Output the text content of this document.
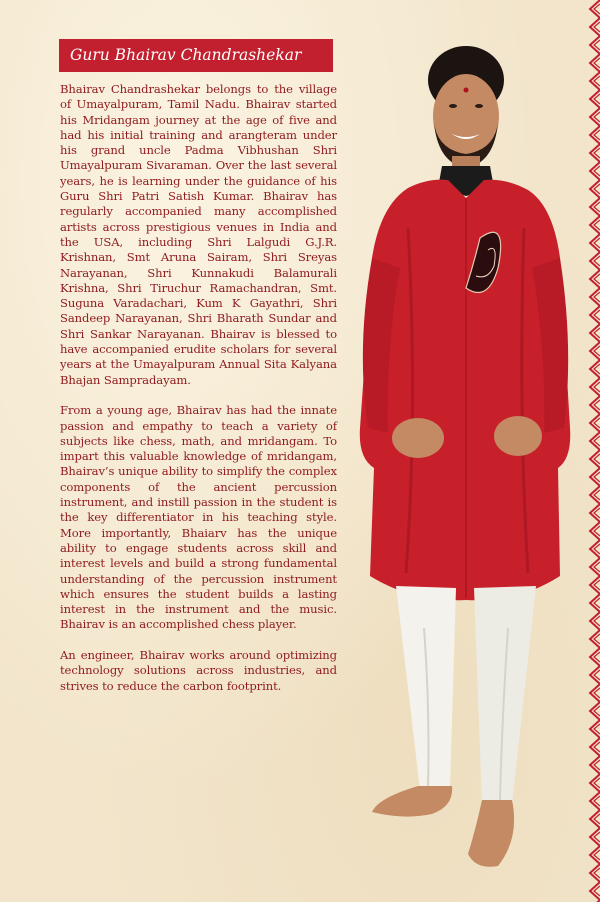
Guru Bhairav Chandrashekar

Bhairav Chandrashekar belongs to the village of Umayalpuram, Tamil Nadu. Bhairav started his Mridangam journey at the age of five and had his initial training and arangteram under his grand uncle Padma Vibhushan Shri Umayalpuram Sivaraman. Over the last several years, he is learning under the guidance of his Guru Shri Patri Satish Kumar. Bhairav has regularly accompanied many accomplished artists across prestigious venues in India and the USA, including Shri Lalgudi G.J.R. Krishnan, Smt Aruna Sairam, Shri Sreyas Narayanan, Shri Kunnakudi Balamurali Krishna, Shri Tiruchur Ramachandran, Smt. Suguna Varadachari, Kum K Gayathri, Shri Sandeep Narayanan, Shri Bharath Sundar and Shri Sankar Narayanan. Bhairav is blessed to have accompanied erudite scholars for several years at the Umayalpuram Annual Sita Kalyana Bhajan Sampradayam.

From a young age, Bhairav has had the innate passion and empathy to teach a variety of subjects like chess, math, and mridangam. To impart this valuable knowledge of mridangam, Bhairav’s unique ability to simplify the complex components of the ancient percussion instrument, and instill passion in the student is the key differentiator in his teaching style. More importantly, Bhaiarv has the unique ability to engage students across skill and interest levels and build a strong fundamental understanding of the percussion instrument which ensures the student builds a lasting interest in the instrument and the music. Bhairav is an accomplished chess player.

An engineer, Bhairav works around optimizing technology solutions across industries, and strives to reduce the carbon footprint.
